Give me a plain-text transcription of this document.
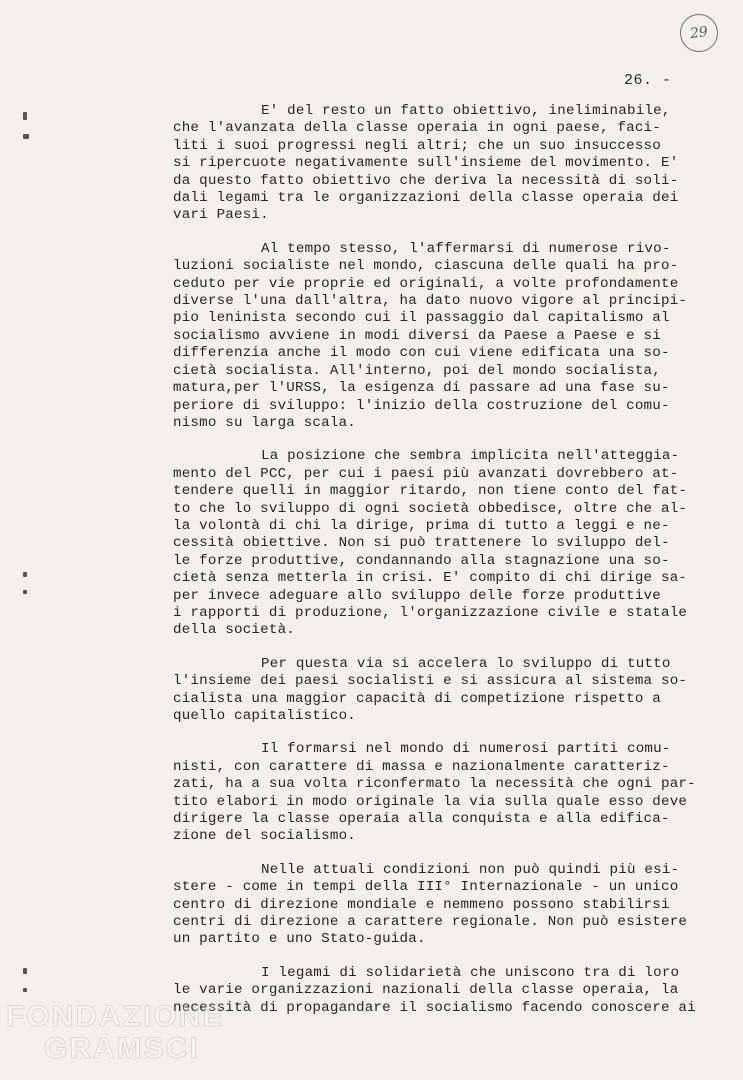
29
26. -
E' del resto un fatto obiettivo, ineliminabile,
che l'avanzata della classe operaia in ogni paese, faci-
liti i suoi progressi negli altri; che un suo insuccesso
si ripercuote negativamente sull'insieme del movimento. E'
da questo fatto obiettivo che deriva la necessità di soli-
dali legami tra le organizzazioni della classe operaia dei
vari Paesi.
Al tempo stesso, l'affermarsi di numerose rivo-
luzioni socialiste nel mondo, ciascuna delle quali ha pro-
ceduto per vie proprie ed originali, a volte profondamente
diverse l'una dall'altra, ha dato nuovo vigore al principi-
pio leninista secondo cui il passaggio dal capitalismo al
socialismo avviene in modi diversi da Paese a Paese e si
differenzia anche il modo con cui viene edificata una so-
cietà socialista. All'interno, poi del mondo socialista,
matura,per l'URSS, la esigenza di passare ad una fase su-
periore di sviluppo: l'inizio della costruzione del comu-
nismo su larga scala.
La posizione che sembra implicita nell'atteggia-
mento del PCC, per cui i paesi più avanzati dovrebbero at-
tendere quelli in maggior ritardo, non tiene conto del fat-
to che lo sviluppo di ogni società obbedisce, oltre che al-
la volontà di chi la dirige, prima di tutto a leggi e ne-
cessità obiettive. Non si può trattenere lo sviluppo del-
le forze produttive, condannando alla stagnazione una so-
cietà senza metterla in crisi. E' compito di chi dirige sa-
per invece adeguare allo sviluppo delle forze produttive
i rapporti di produzione, l'organizzazione civile e statale
della società.
Per questa via si accelera lo sviluppo di tutto
l'insieme dei paesi socialisti e si assicura al sistema so-
cialista una maggior capacità di competizione rispetto a
quello capitalistico.
Il formarsi nel mondo di numerosi partiti comu-
nisti, con carattere di massa e nazionalmente caratteriz-
zati, ha a sua volta riconfermato la necessità che ogni par-
tito elabori in modo originale la via sulla quale esso deve
dirigere la classe operaia alla conquista e alla edifica-
zione del socialismo.
Nelle attuali condizioni non può quindi più esi-
stere - come in tempi della III° Internazionale - un unico
centro di direzione mondiale e nemmeno possono stabilirsi
centri di direzione a carattere regionale. Non può esistere
un partito e uno Stato-guida.
I legami di solidarietà che uniscono tra di loro
le varie organizzazioni nazionali della classe operaia, la
necessità di propagandare il socialismo facendo conoscere ai
FONDAZIONE
GRAMSCI
